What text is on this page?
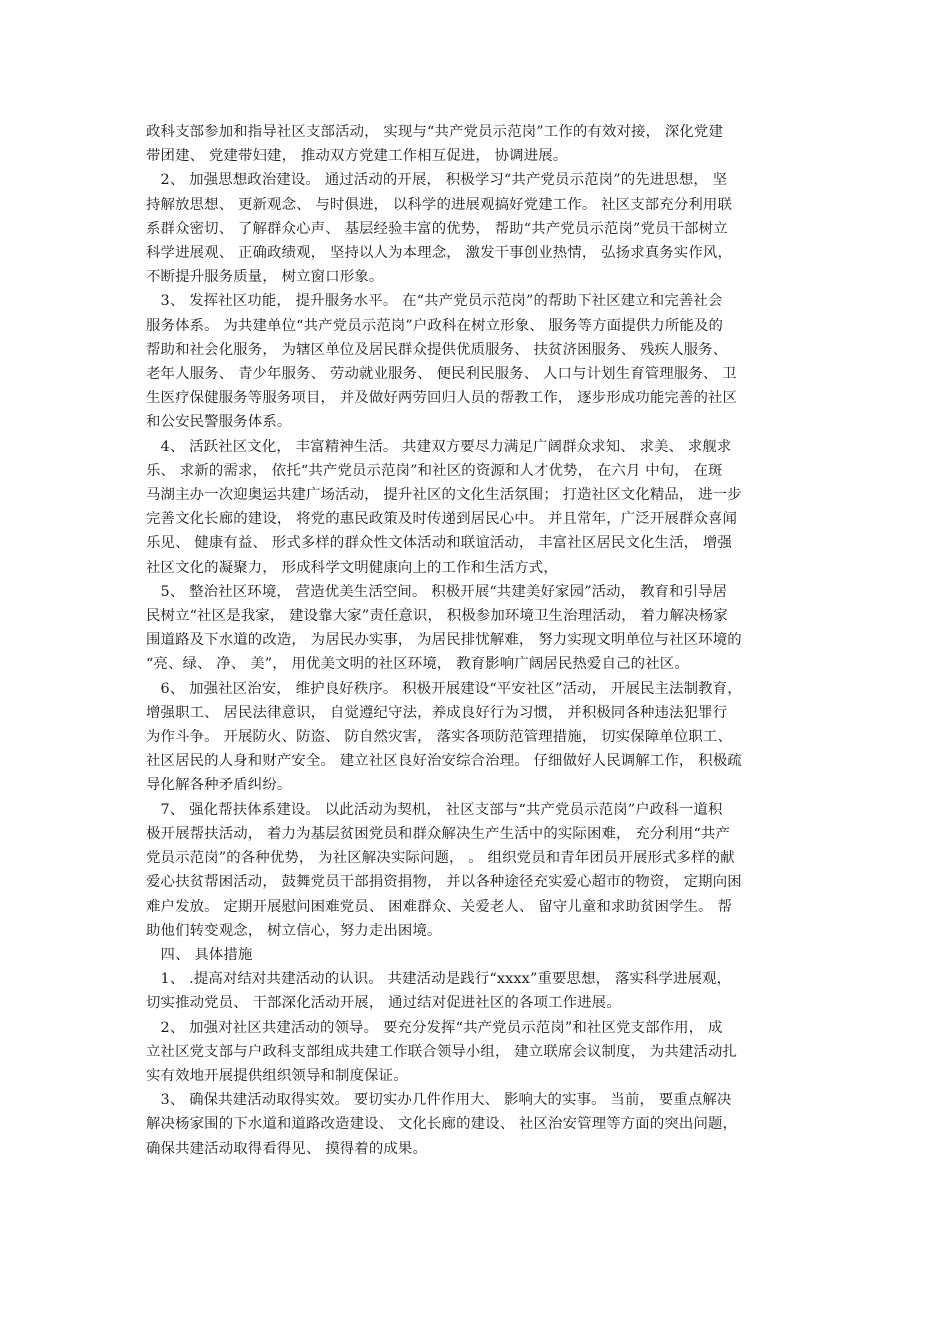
政科支部参加和指导社区支部活动， 实现与“共产党员示范岗”工作的有效对接， 深化党建

带团建、 党建带妇建， 推动双方党建工作相互促进， 协调进展。

　2、 加强思想政治建设。 通过活动的开展， 积极学习“共产党员示范岗”的先进思想， 坚

持解放思想、 更新观念、 与时俱进， 以科学的进展观搞好党建工作。 社区支部充分利用联

系群众密切、 了解群众心声、 基层经验丰富的优势， 帮助“共产党员示范岗”党员干部树立

科学进展观、 正确政绩观， 坚持以人为本理念， 激发干事创业热情， 弘扬求真务实作风，

不断提升服务质量， 树立窗口形象。

　3、 发挥社区功能， 提升服务水平。 在“共产党员示范岗”的帮助下社区建立和完善社会

服务体系。 为共建单位“共产党员示范岗”户政科在树立形象、 服务等方面提供力所能及的

帮助和社会化服务， 为辖区单位及居民群众提供优质服务、 扶贫济困服务、 残疾人服务、

老年人服务、 青少年服务、 劳动就业服务、 便民利民服务、 人口与计划生育管理服务、 卫

生医疗保健服务等服务项目， 并及做好两劳回归人员的帮教工作， 逐步形成功能完善的社区

和公安民警服务体系。

　4、 活跃社区文化， 丰富精神生活。 共建双方要尽力满足广阔群众求知、 求美、 求舰求

乐、 求新的需求， 依托“共产党员示范岗”和社区的资源和人才优势， 在六月 中旬， 在斑

马湖主办一次迎奥运共建广场活动， 提升社区的文化生活氛围； 打造社区文化精品， 进一步

完善文化长廊的建设， 将党的惠民政策及时传递到居民心中。 并且常年，广泛开展群众喜闻

乐见、 健康有益、 形式多样的群众性文体活动和联谊活动， 丰富社区居民文化生活， 增强

社区文化的凝聚力， 形成科学文明健康向上的工作和生活方式，

　5、 整治社区环境， 营造优美生活空间。 积极开展“共建美好家园”活动， 教育和引导居

民树立“社区是我家， 建设靠大家”责任意识， 积极参加环境卫生治理活动， 着力解决杨家

围道路及下水道的改造， 为居民办实事， 为居民排忧解难， 努力实现文明单位与社区环境的

“亮、绿、 净、 美”， 用优美文明的社区环境， 教育影响广阔居民热爱自己的社区。

　6、 加强社区治安， 维护良好秩序。 积极开展建设“平安社区”活动， 开展民主法制教育，

增强职工、 居民法律意识， 自觉遵纪守法，养成良好行为习惯， 并积极同各种违法犯罪行

为作斗争。 开展防火、防盗、 防自然灾害， 落实各项防范管理措施， 切实保障单位职工、

社区居民的人身和财产安全。 建立社区良好治安综合治理。 仔细做好人民调解工作， 积极疏

导化解各种矛盾纠纷。

　7、 强化帮扶体系建设。 以此活动为契机， 社区支部与“共产党员示范岗”户政科一道积

极开展帮扶活动， 着力为基层贫困党员和群众解决生产生活中的实际困难， 充分利用“共产

党员示范岗”的各种优势， 为社区解决实际问题， 。 组织党员和青年团员开展形式多样的献

爱心扶贫帮困活动， 鼓舞党员干部捐资捐物， 并以各种途径充实爱心超市的物资， 定期向困

难户发放。 定期开展慰问困难党员、 困难群众、关爱老人、 留守儿童和求助贫困学生。 帮

助他们转变观念， 树立信心，努力走出困境。

　四、 具体措施

　1、 .提高对结对共建活动的认识。 共建活动是践行“xxxx”重要思想， 落实科学进展观，

切实推动党员、 干部深化活动开展， 通过结对促进社区的各项工作进展。

　2、 加强对社区共建活动的领导。 要充分发挥“共产党员示范岗”和社区党支部作用， 成

立社区党支部与户政科支部组成共建工作联合领导小组， 建立联席会议制度， 为共建活动扎

实有效地开展提供组织领导和制度保证。

　3、 确保共建活动取得实效。 要切实办几件作用大、 影响大的实事。 当前， 要重点解决

解决杨家围的下水道和道路改造建设、 文化长廊的建设、 社区治安管理等方面的突出问题，

确保共建活动取得看得见、 摸得着的成果。
